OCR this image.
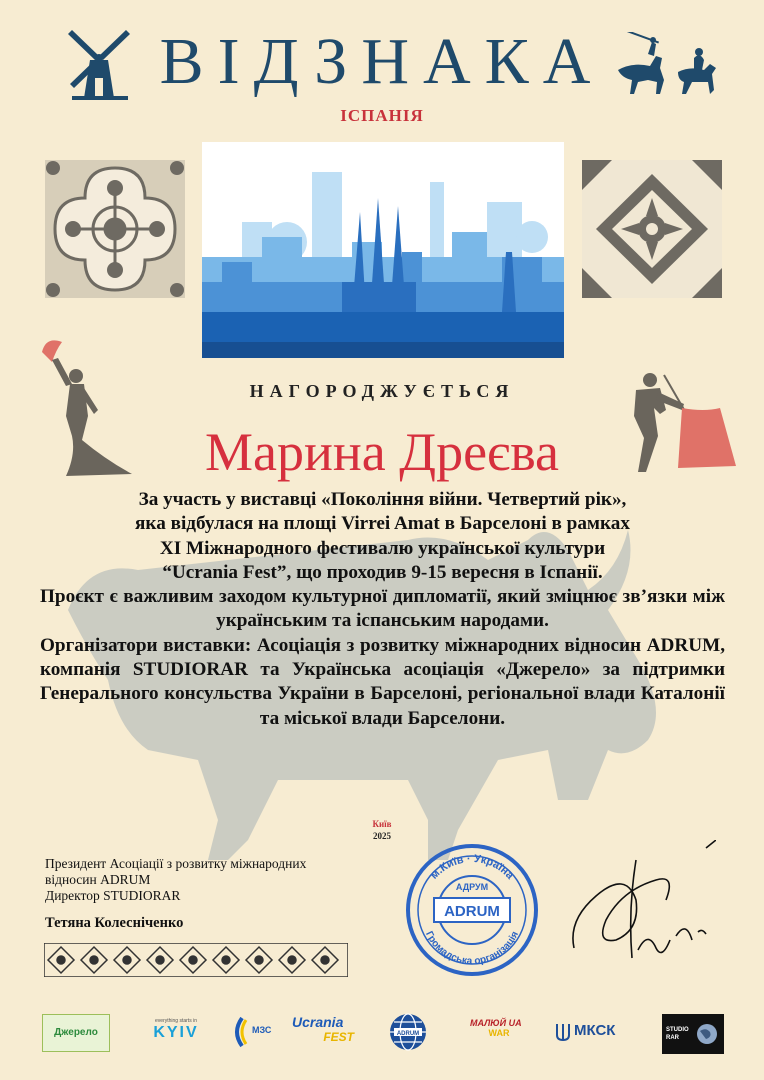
ВІДЗНАКА
ІСПАНІЯ
НАГОРОДЖУЄТЬСЯ
Марина Дреєва

За участь у виставці «Покоління війни. Четвертий рік»,

яка відбулася на площі Virrei Amat в Барселоні в рамках

XI Міжнародного фестивалю української культури

“Ucrania Fest”, що проходив 9-15 вересня в Іспанії.

Проєкт є важливим заходом культурної дипломатії, який зміцнює зв’язки між українським та іспанським народами.

Організатори виставки: Асоціація з розвитку міжнародних відносин ADRUM, компанія STUDIORAR та Українська асоціація «Джерело» за підтримки Генерального консульства України в Барселоні, регіональної влади Каталонії та міської влади Барселони.

Київ
2025
Президент Асоціації з розвитку міжнародних
відносин ADRUM
Директор STUDIORAR
Тетяна Колесніченко
м.Київ · Україна
Громадська організація
ADRUM
АДРУМ
Джерело
everything starts in
KYIV	МЗС Ucrania
FEST	ADRUM
МАЛЮЙ UA
WAR	МКСК	STUDIO RAR
